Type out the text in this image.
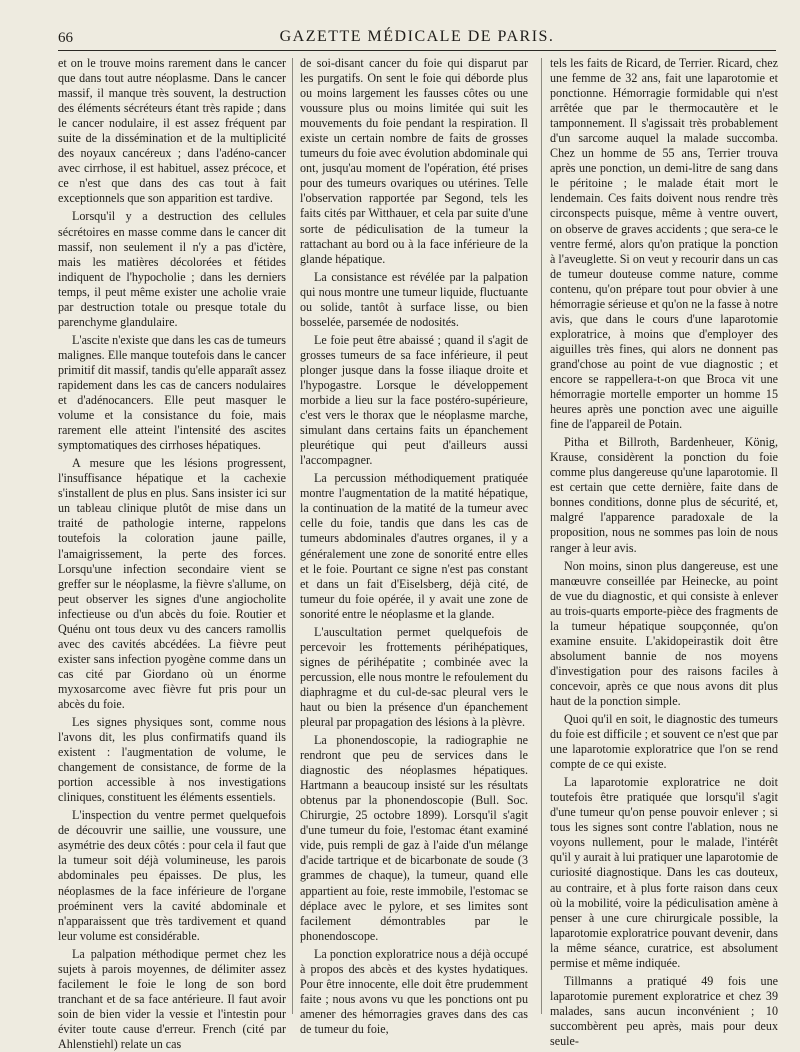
66	GAZETTE MÉDICALE DE PARIS.

et on le trouve moins rarement dans le cancer que dans tout autre néoplasme. Dans le cancer massif, il manque très souvent, la destruction des éléments sécréteurs étant très rapide ; dans le cancer nodulaire, il est assez fréquent par suite de la dissémination et de la multiplicité des noyaux cancéreux ; dans l'adéno-cancer avec cirrhose, il est habituel, assez précoce, et ce n'est que dans des cas tout à fait exceptionnels que son apparition est tardive.

Lorsqu'il y a destruction des cellules sécrétoires en masse comme dans le cancer dit massif, non seulement il n'y a pas d'ictère, mais les matières décolorées et fétides indiquent de l'hypocholie ; dans les derniers temps, il peut même exister une acholie vraie par destruction totale ou presque totale du parenchyme glandulaire.

L'ascite n'existe que dans les cas de tumeurs malignes. Elle manque toutefois dans le cancer primitif dit massif, tandis qu'elle apparaît assez rapidement dans les cas de cancers nodulaires et d'adénocancers. Elle peut masquer le volume et la consistance du foie, mais rarement elle atteint l'intensité des ascites symptomatiques des cirrhoses hépatiques.

A mesure que les lésions progressent, l'insuffisance hépatique et la cachexie s'installent de plus en plus. Sans insister ici sur un tableau clinique plutôt de mise dans un traité de pathologie interne, rappelons toutefois la coloration jaune paille, l'amaigrissement, la perte des forces. Lorsqu'une infection secondaire vient se greffer sur le néoplasme, la fièvre s'allume, on peut observer les signes d'une angiocholite infectieuse ou d'un abcès du foie. Routier et Quénu ont tous deux vu des cancers ramollis avec des cavités abcédées. La fièvre peut exister sans infection pyogène comme dans un cas cité par Giordano où un énorme myxosarcome avec fièvre fut pris pour un abcès du foie.

Les signes physiques sont, comme nous l'avons dit, les plus confirmatifs quand ils existent : l'augmentation de volume, le changement de consistance, de forme de la portion accessible à nos investigations cliniques, constituent les éléments essentiels.

L'inspection du ventre permet quelquefois de découvrir une saillie, une voussure, une asymétrie des deux côtés : pour cela il faut que la tumeur soit déjà volumineuse, les parois abdominales peu épaisses. De plus, les néoplasmes de la face inférieure de l'organe proéminent vers la cavité abdominale et n'apparaissent que très tardivement et quand leur volume est considérable.

La palpation méthodique permet chez les sujets à parois moyennes, de délimiter assez facilement le foie le long de son bord tranchant et de sa face antérieure. Il faut avoir soin de bien vider la vessie et l'intestin pour éviter toute cause d'erreur. French (cité par Ahlenstiehl) relate un cas

de soi-disant cancer du foie qui disparut par les purgatifs. On sent le foie qui déborde plus ou moins largement les fausses côtes ou une voussure plus ou moins limitée qui suit les mouvements du foie pendant la respiration. Il existe un certain nombre de faits de grosses tumeurs du foie avec évolution abdominale qui ont, jusqu'au moment de l'opération, été prises pour des tumeurs ovariques ou utérines. Telle l'observation rapportée par Segond, tels les faits cités par Witthauer, et cela par suite d'une sorte de pédiculisation de la tumeur la rattachant au bord ou à la face inférieure de la glande hépatique.

La consistance est révélée par la palpation qui nous montre une tumeur liquide, fluctuante ou solide, tantôt à surface lisse, ou bien bosselée, parsemée de nodosités.

Le foie peut être abaissé ; quand il s'agit de grosses tumeurs de sa face inférieure, il peut plonger jusque dans la fosse iliaque droite et l'hypogastre. Lorsque le développement morbide a lieu sur la face postéro-supérieure, c'est vers le thorax que le néoplasme marche, simulant dans certains faits un épanchement pleurétique qui peut d'ailleurs aussi l'accompagner.

La percussion méthodiquement pratiquée montre l'augmentation de la matité hépatique, la continuation de la matité de la tumeur avec celle du foie, tandis que dans les cas de tumeurs abdominales d'autres organes, il y a généralement une zone de sonorité entre elles et le foie. Pourtant ce signe n'est pas constant et dans un fait d'Eiselsberg, déjà cité, de tumeur du foie opérée, il y avait une zone de sonorité entre le néoplasme et la glande.

L'auscultation permet quelquefois de percevoir les frottements périhépatiques, signes de périhépatite ; combinée avec la percussion, elle nous montre le refoulement du diaphragme et du cul-de-sac pleural vers le haut ou bien la présence d'un épanchement pleural par propagation des lésions à la plèvre.

La phonendoscopie, la radiographie ne rendront que peu de services dans le diagnostic des néoplasmes hépatiques. Hartmann a beaucoup insisté sur les résultats obtenus par la phonendoscopie (Bull. Soc. Chirurgie, 25 octobre 1899). Lorsqu'il s'agit d'une tumeur du foie, l'estomac étant examiné vide, puis rempli de gaz à l'aide d'un mélange d'acide tartrique et de bicarbonate de soude (3 grammes de chaque), la tumeur, quand elle appartient au foie, reste immobile, l'estomac se déplace avec le pylore, et ses limites sont facilement démontrables par le phonendoscope.

La ponction exploratrice nous a déjà occupé à propos des abcès et des kystes hydatiques. Pour être innocente, elle doit être prudemment faite ; nous avons vu que les ponctions ont pu amener des hémorragies graves dans des cas de tumeur du foie,

tels les faits de Ricard, de Terrier. Ricard, chez une femme de 32 ans, fait une laparotomie et ponctionne. Hémorragie formidable qui n'est arrêtée que par le thermocautère et le tamponnement. Il s'agissait très probablement d'un sarcome auquel la malade succomba. Chez un homme de 55 ans, Terrier trouva après une ponction, un demi-litre de sang dans le péritoine ; le malade était mort le lendemain. Ces faits doivent nous rendre très circonspects puisque, même à ventre ouvert, on observe de graves accidents ; que sera-ce le ventre fermé, alors qu'on pratique la ponction à l'aveuglette. Si on veut y recourir dans un cas de tumeur douteuse comme nature, comme contenu, qu'on prépare tout pour obvier à une hémorragie sérieuse et qu'on ne la fasse à notre avis, que dans le cours d'une laparotomie exploratrice, à moins que d'employer des aiguilles très fines, qui alors ne donnent pas grand'chose au point de vue diagnostic ; et encore se rappellera-t-on que Broca vit une hémorragie mortelle emporter un homme 15 heures après une ponction avec une aiguille fine de l'appareil de Potain.

Pitha et Billroth, Bardenheuer, König, Krause, considèrent la ponction du foie comme plus dangereuse qu'une laparotomie. Il est certain que cette dernière, faite dans de bonnes conditions, donne plus de sécurité, et, malgré l'apparence paradoxale de la proposition, nous ne sommes pas loin de nous ranger à leur avis.

Non moins, sinon plus dangereuse, est une manœuvre conseillée par Heinecke, au point de vue du diagnostic, et qui consiste à enlever au trois-quarts emporte-pièce des fragments de la tumeur hépatique soupçonnée, qu'on examine ensuite. L'akidopeirastik doit être absolument bannie de nos moyens d'investigation pour des raisons faciles à concevoir, après ce que nous avons dit plus haut de la ponction simple.

Quoi qu'il en soit, le diagnostic des tumeurs du foie est difficile ; et souvent ce n'est que par une laparotomie exploratrice que l'on se rend compte de ce qui existe.

La laparotomie exploratrice ne doit toutefois être pratiquée que lorsqu'il s'agit d'une tumeur qu'on pense pouvoir enlever ; si tous les signes sont contre l'ablation, nous ne voyons nullement, pour le malade, l'intérêt qu'il y aurait à lui pratiquer une laparotomie de curiosité diagnostique. Dans les cas douteux, au contraire, et à plus forte raison dans ceux où la mobilité, voire la pédiculisation amène à penser à une cure chirurgicale possible, la laparotomie exploratrice pouvant devenir, dans la même séance, curatrice, est absolument permise et même indiquée.

Tillmanns a pratiqué 49 fois une laparotomie purement exploratrice et chez 39 malades, sans aucun inconvénient ; 10 succombèrent peu après, mais pour deux seule-
